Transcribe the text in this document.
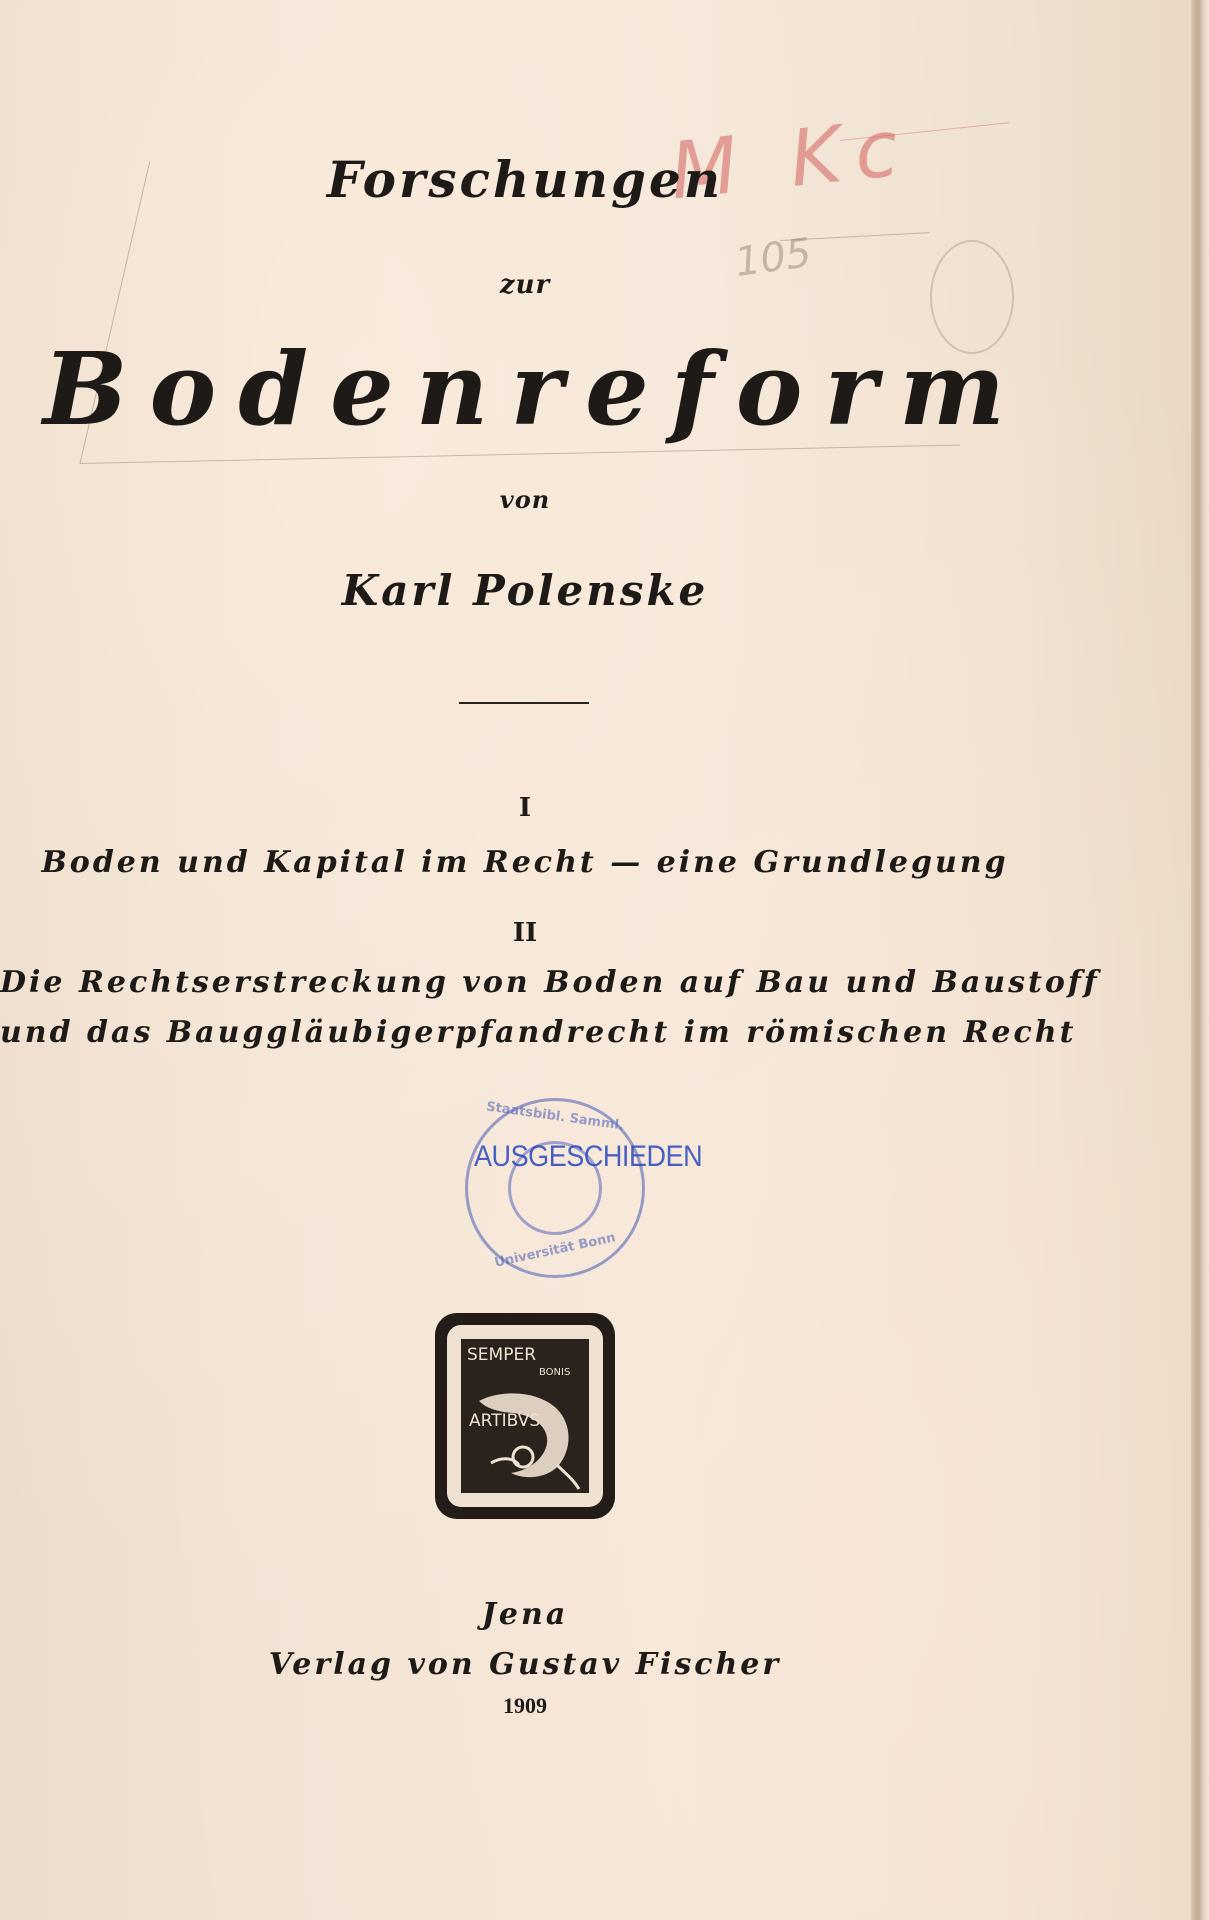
M Kc
105
Forschungen
zur
Bodenreform
von
Karl Polenske
I
Boden und Kapital im Recht — eine Grundlegung
II
Die Rechtserstreckung von Boden auf Bau und Baustoff
und das Bauggläubigerpfandrecht im römischen Recht
Staatsbibl. Samml.
Universität Bonn
AUSGESCHIEDEN
SEMPER
BONIS
ARTIBVS
Jena
Verlag von Gustav Fischer
1909
